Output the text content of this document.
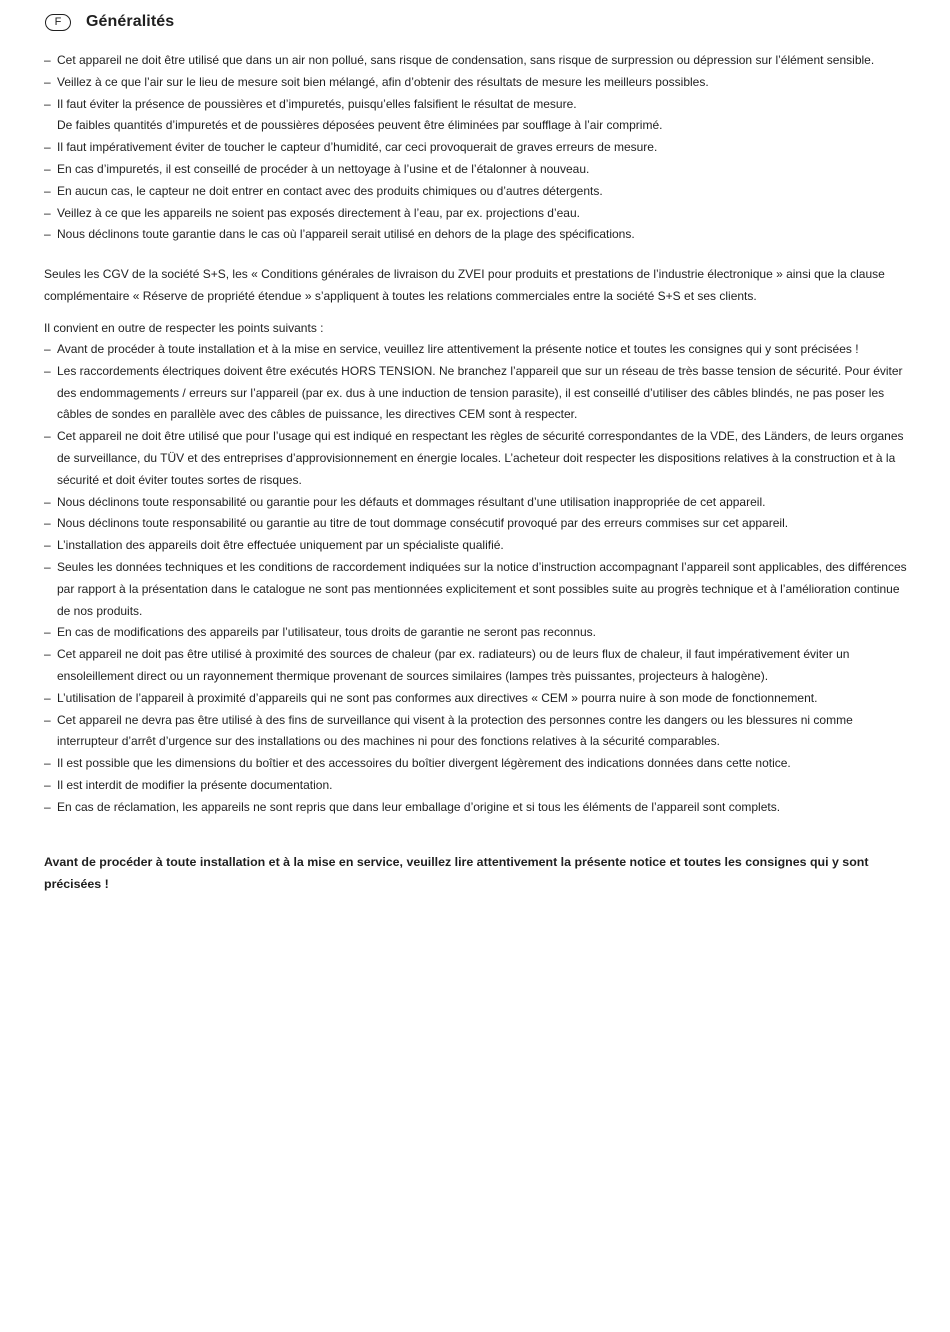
F	Généralités
– Cet appareil ne doit être utilisé que dans un air non pollué, sans risque de condensation, sans risque de surpression ou dépression sur l’élément sensible.
– Veillez à ce que l’air sur le lieu de mesure soit bien mélangé, afin d’obtenir des résultats de mesure les meilleurs possibles.
– Il faut éviter la présence de poussières et d’impuretés, puisqu’elles falsifient le résultat de mesure.
De faibles quantités d’impuretés et de poussières déposées peuvent être éliminées par soufflage à l’air comprimé.
– Il faut impérativement éviter de toucher le capteur d’humidité, car ceci provoquerait de graves erreurs de mesure.
– En cas d’impuretés, il est conseillé de procéder à un nettoyage à l’usine et de l’étalonner à nouveau.
– En aucun cas, le capteur ne doit entrer en contact avec des produits chimiques ou d’autres détergents.
– Veillez à ce que les appareils ne soient pas exposés directement à l’eau, par ex. projections d’eau.
– Nous déclinons toute garantie dans le cas où l’appareil serait utilisé en dehors de la plage des spécifications.
Seules les CGV de la société S+S, les « Conditions générales de livraison du ZVEI pour produits et prestations de l’industrie électronique » ainsi que la clause complémentaire « Réserve de propriété étendue » s’appliquent à toutes les relations commerciales entre la société S+S et ses clients.
Il convient en outre de respecter les points suivants :
– Avant de procéder à toute installation et à la mise en service, veuillez lire attentivement la présente notice et toutes les consignes qui y sont précisées !
– Les raccordements électriques doivent être exécutés HORS TENSION. Ne branchez l’appareil que sur un réseau de très basse tension de sécurité. Pour éviter des endommagements / erreurs sur l’appareil (par ex. dus à une induction de tension parasite), il est conseillé d’utiliser des câbles blindés, ne pas poser les câbles de sondes en parallèle avec des câbles de puissance, les directives CEM sont à respecter.
– Cet appareil ne doit être utilisé que pour l’usage qui est indiqué en respectant les règles de sécurité correspondantes de la VDE, des Länders, de leurs organes de surveillance, du TÜV et des entreprises d’approvisionnement en énergie locales. L’acheteur doit respecter les dispositions relatives à la construction et à la sécurité et doit éviter toutes sortes de risques.
– Nous déclinons toute responsabilité ou garantie pour les défauts et dommages résultant d’une utilisation inappropriée de cet appareil.
– Nous déclinons toute responsabilité ou garantie au titre de tout dommage consécutif provoqué par des erreurs commises sur cet appareil.
– L’installation des appareils doit être effectuée uniquement par un spécialiste qualifié.
– Seules les données techniques et les conditions de raccordement indiquées sur la notice d’instruction accompagnant l’appareil sont applicables, des différences par rapport à la présentation dans le catalogue ne sont pas mentionnées explicitement et sont possibles suite au progrès technique et à l’amélioration continue de nos produits.
– En cas de modifications des appareils par l’utilisateur, tous droits de garantie ne seront pas reconnus.
– Cet appareil ne doit pas être utilisé à proximité des sources de chaleur (par ex. radiateurs) ou de leurs flux de chaleur, il faut impérativement éviter un ensoleillement direct ou un rayonnement thermique provenant de sources similaires (lampes très puissantes, projecteurs à halogène).
– L’utilisation de l’appareil à proximité d’appareils qui ne sont pas conformes aux directives « CEM » pourra nuire à son mode de fonctionnement.
– Cet appareil ne devra pas être utilisé à des fins de surveillance qui visent à la protection des personnes contre les dangers ou les blessures ni comme interrupteur d’arrêt d’urgence sur des installations ou des machines ni pour des fonctions relatives à la sécurité comparables.
– Il est possible que les dimensions du boîtier et des accessoires du boîtier divergent légèrement des indications données dans cette notice.
– Il est interdit de modifier la présente documentation.
– En cas de réclamation, les appareils ne sont repris que dans leur emballage d’origine et si tous les éléments de l’appareil sont complets.
Avant de procéder à toute installation et à la mise en service, veuillez lire attentivement la présente notice et toutes les consignes qui y sont précisées !
